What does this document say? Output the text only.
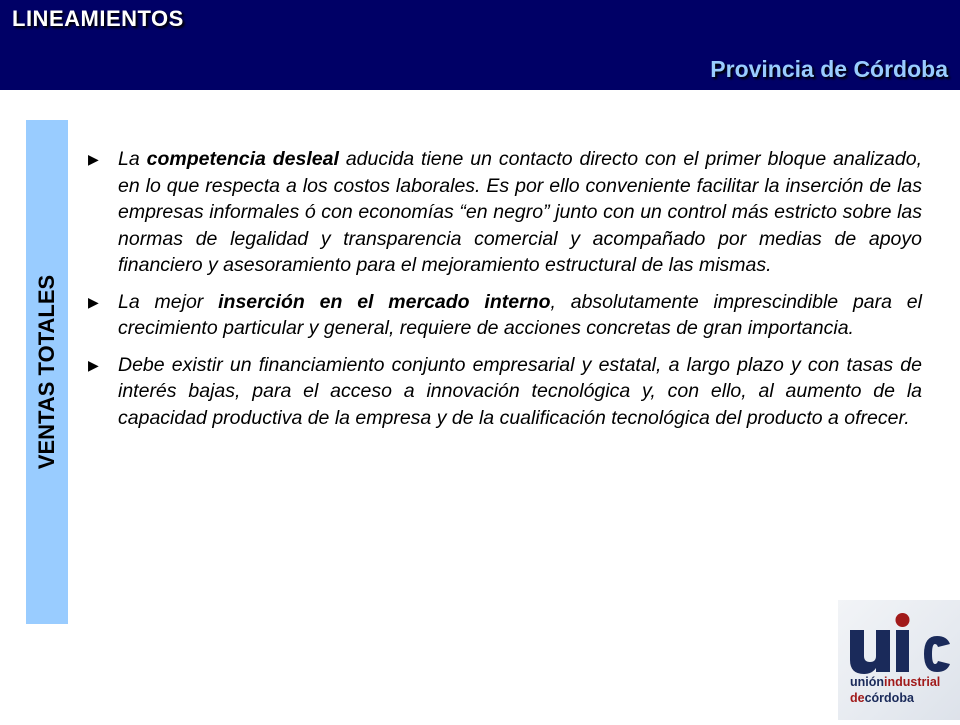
LINEAMIENTOS
Provincia de Córdoba
VENTAS TOTALES
▶ La competencia desleal aducida tiene un contacto directo con el primer bloque analizado, en lo que respecta a los costos laborales. Es por ello conveniente facilitar la inserción de las empresas informales ó con economías “en negro” junto con un control más estricto sobre las normas de legalidad y transparencia comercial y acompañado por medias de apoyo financiero y asesoramiento para el mejoramiento estructural de las mismas.
▶ La mejor inserción en el mercado interno, absolutamente imprescindible para el crecimiento particular y general, requiere de acciones concretas de gran importancia.
▶ Debe existir un financiamiento conjunto empresarial y estatal, a largo plazo y con tasas de interés bajas, para el acceso a innovación tecnológica y, con ello, al aumento de la capacidad productiva de la empresa y de la cualificación tecnológica del producto a ofrecer.
uniónindustrial
decórdoba
